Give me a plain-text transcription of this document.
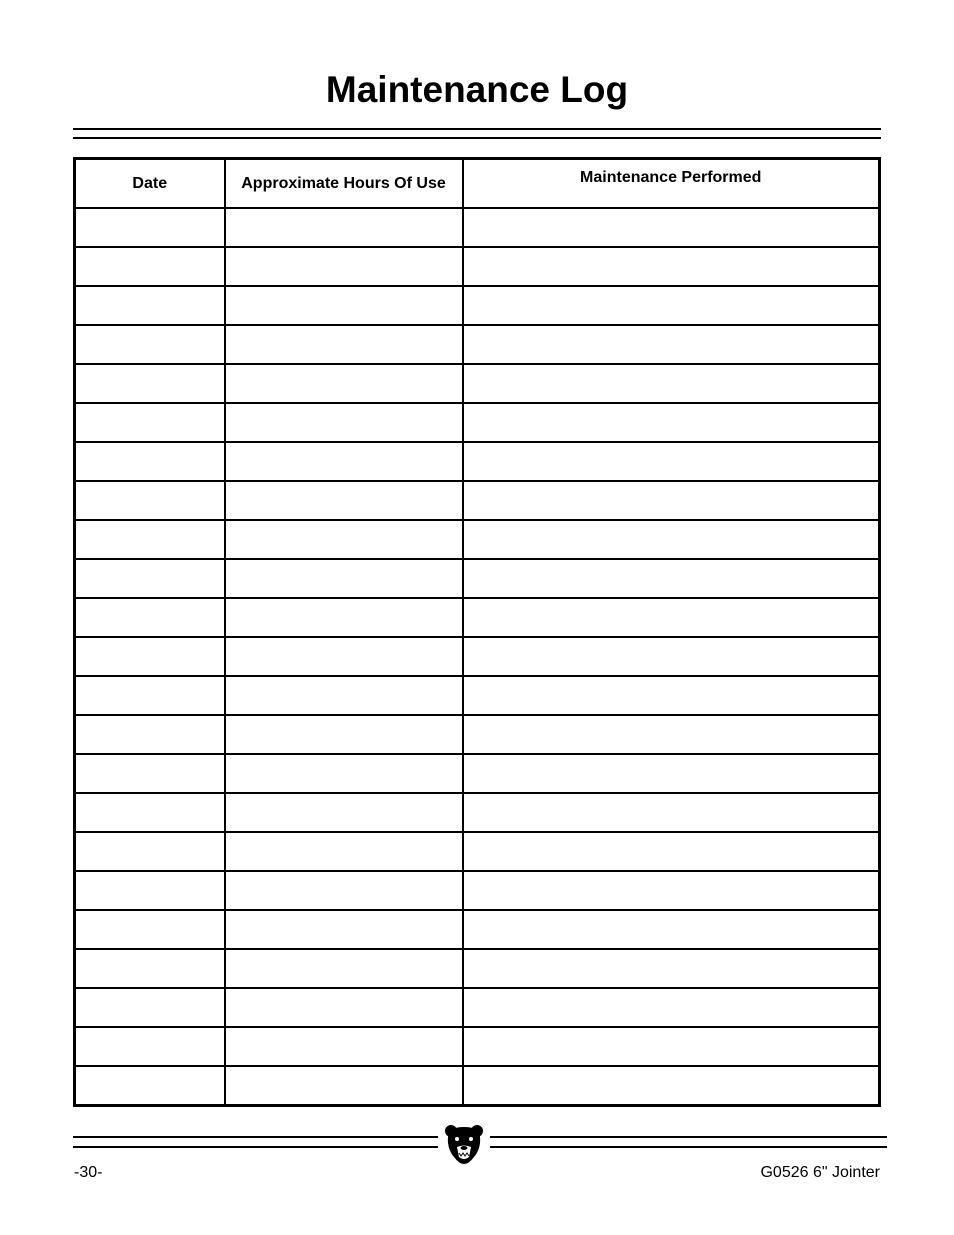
Maintenance Log
Date	Approximate Hours Of Use	Maintenance Performed

-30-	G0526 6" Jointer
